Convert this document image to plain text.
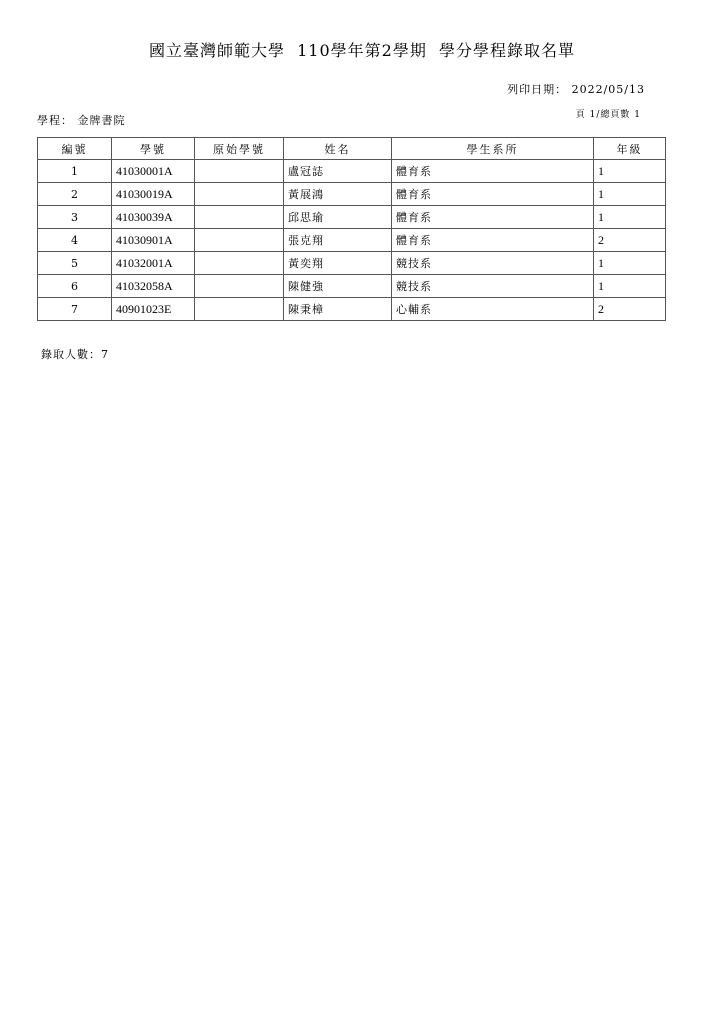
國立臺灣師範大學  110學年第2學期  學分學程錄取名單
列印日期： 2022/05/13
頁 1/總頁數 1
學程： 金牌書院
編號	學號	原始學號	姓名	學生系所	年級
1	41030001A		盧冠誌	體育系	1
2	41030019A		黃展鴻	體育系	1
3	41030039A		邱思瑜	體育系	1
4	41030901A		張克翔	體育系	2
5	41032001A		黃奕翔	競技系	1
6	41032058A		陳健強	競技系	1
7	40901023E		陳秉樟	心輔系	2
錄取人數：7
